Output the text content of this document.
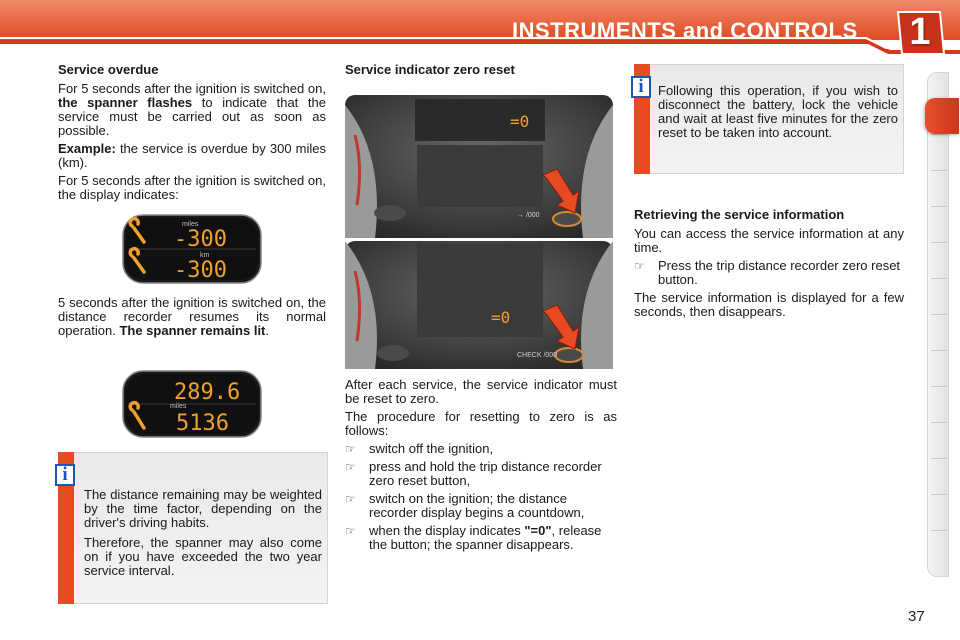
INSTRUMENTS and CONTROLS	1
Service overdue

For 5 seconds after the ignition is switched on, the spanner flashes to indicate that the service must be carried out as soon as possible.

Example: the service is overdue by 300 miles (km).

For 5 seconds after the ignition is switched on, the display indicates:

miles
-300
km
-300

5 seconds after the ignition is switched on, the distance recorder resumes its normal operation. The spanner remains lit.

289.6
miles
5136
i

The distance remaining may be weighted by the time factor, depending on the driver's driving habits.

Therefore, the spanner may also come on if you have exceeded the two year service interval.

Service indicator zero reset
=0
→ /000
=0
CHECK /000

After each service, the service indicator must be reset to zero.

The procedure for resetting to zero is as follows:

☞	switch off the ignition,
☞	press and hold the trip distance recorder zero reset button,
☞	switch on the ignition; the distance recorder display begins a countdown,
☞	when the display indicates "=0", release the button; the spanner disappears.
i	Following this operation, if you wish to disconnect the battery, lock the vehicle and wait at least five minutes for the zero reset to be taken into account.

Retrieving the service information

You can access the service information at any time.

☞	Press the trip distance recorder zero reset button.

The service information is displayed for a few seconds, then disappears.

37
